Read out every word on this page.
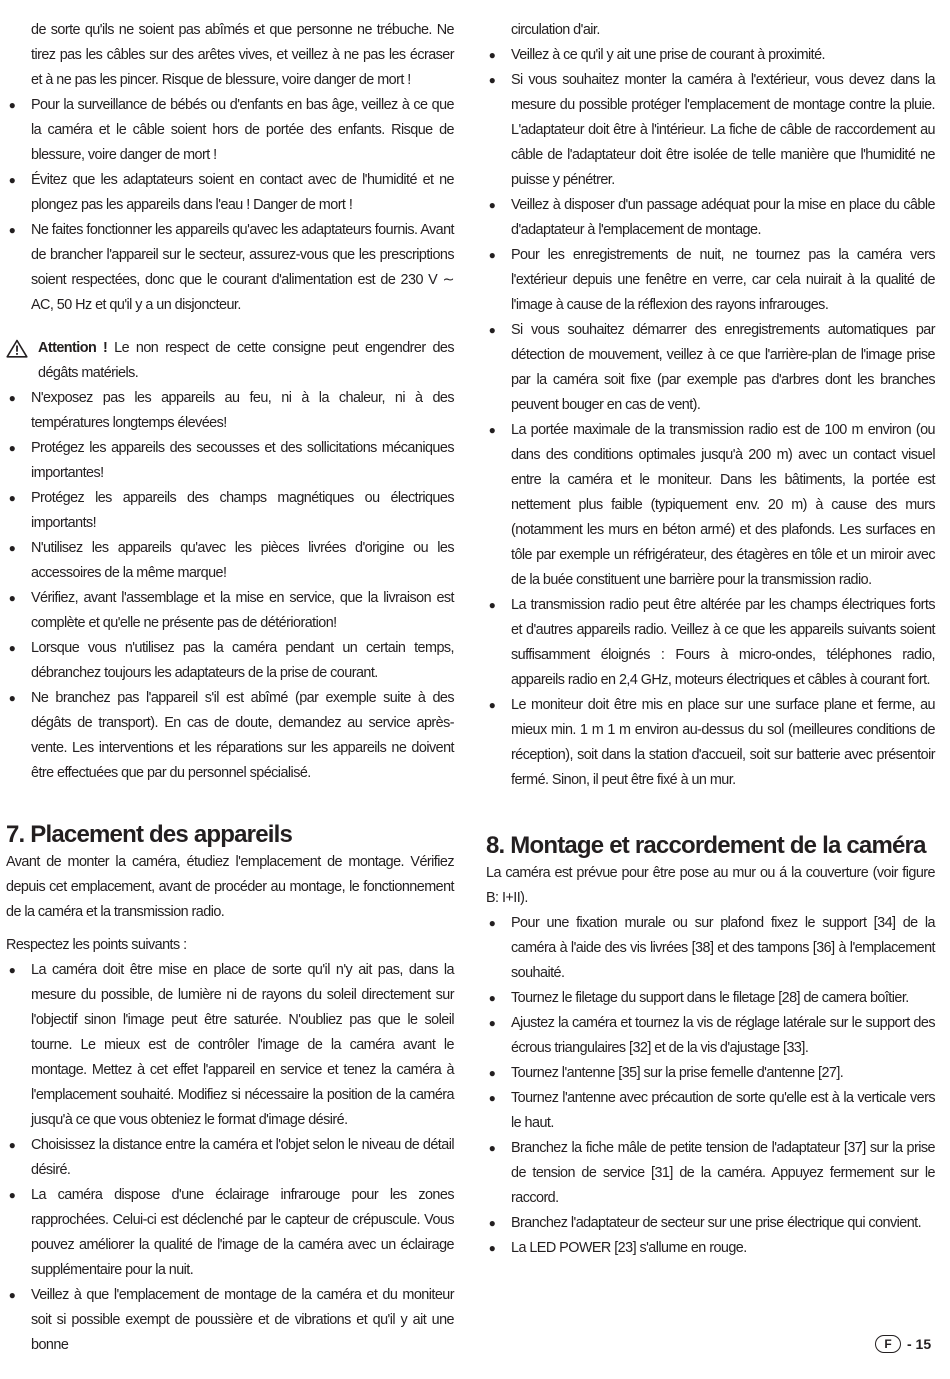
de sorte qu'ils ne soient pas abîmés et que personne ne trébuche. Ne tirez pas les câbles sur des arêtes vives, et veillez à ne pas les écraser et à ne pas les pincer. Risque de blessure, voire danger de mort !

● Pour la surveillance de bébés ou d'enfants en bas âge, veillez à ce que la caméra et le câble soient hors de portée des enfants. Risque de blessure, voire danger de mort !
● Évitez que les adaptateurs soient en contact avec de l'humidité et ne plongez pas les appareils dans l'eau ! Danger de mort !
● Ne faites fonctionner les appareils qu'avec les adaptateurs fournis. Avant de brancher l'appareil sur le secteur, assurez-vous que les prescriptions soient respectées, donc que le courant d'alimentation est de 230 V ∼ AC, 50 Hz et qu'il y a un disjoncteur.

Attention ! Le non respect de cette consigne peut engendrer des dégâts matériels.

● N'exposez pas les appareils au feu, ni à la chaleur, ni à des températures longtemps élevées!
● Protégez les appareils des secousses et des sollicitations mécaniques importantes!
● Protégez les appareils des champs magnétiques ou électriques importants!
● N'utilisez les appareils qu'avec les pièces livrées d'origine ou les accessoires de la même marque!
● Vérifiez, avant l'assemblage et la mise en service, que la livraison est complète et qu'elle ne présente pas de détérioration!
● Lorsque vous n'utilisez pas la caméra pendant un certain temps, débranchez toujours les adaptateurs de la prise de courant.
● Ne branchez pas l'appareil s'il est abîmé (par exemple suite à des dégâts de transport). En cas de doute, demandez au service après-vente. Les interventions et les réparations sur les appareils ne doivent être effectuées que par du personnel spécialisé.
7. Placement des appareils

Avant de monter la caméra, étudiez l'emplacement de montage. Vérifiez depuis cet emplacement, avant de procéder au montage, le fonctionnement de la caméra et la transmission radio.

Respectez les points suivants :

● La caméra doit être mise en place de sorte qu'il n'y ait pas, dans la mesure du possible, de lumière ni de rayons du soleil directement sur l'objectif sinon l'image peut être saturée. N'oubliez pas que le soleil tourne. Le mieux est de contrôler l'image de la caméra avant le montage. Mettez à cet effet l'appareil en service et tenez la caméra à l'emplacement souhaité. Modifiez si nécessaire la position de la caméra jusqu'à ce que vous obteniez le format d'image désiré.
● Choisissez la distance entre la caméra et l'objet selon le niveau de détail désiré.
● La caméra dispose d'une éclairage infrarouge pour les zones rapprochées. Celui-ci est déclenché par le capteur de crépuscule. Vous pouvez améliorer la qualité de l'image de la caméra avec un éclairage supplémentaire pour la nuit.
● Veillez à que l'emplacement de montage de la caméra et du moniteur soit si possible exempt de poussière et de vibrations et qu'il y ait une bonne

circulation d'air.

● Veillez à ce qu'il y ait une prise de courant à proximité.
● Si vous souhaitez monter la caméra à l'extérieur, vous devez dans la mesure du possible protéger l'emplacement de montage contre la pluie. L'adaptateur doit être à l'intérieur. La fiche de câble de raccordement au câble de l'adaptateur doit être isolée de telle manière que l'humidité ne puisse y pénétrer.
● Veillez à disposer d'un passage adéquat pour la mise en place du câble d'adaptateur à l'emplacement de montage.
● Pour les enregistrements de nuit, ne tournez pas la caméra vers l'extérieur depuis une fenêtre en verre, car cela nuirait à la qualité de l'image à cause de la réflexion des rayons infrarouges.
● Si vous souhaitez démarrer des enregistrements automatiques par détection de mouvement, veillez à ce que l'arrière-plan de l'image prise par la caméra soit fixe (par exemple pas d'arbres dont les branches peuvent bouger en cas de vent).
● La portée maximale de la transmission radio est de 100 m environ (ou dans des conditions optimales jusqu'à 200 m) avec un contact visuel entre la caméra et le moniteur. Dans les bâtiments, la portée est nettement plus faible (typiquement env. 20 m) à cause des murs (notamment les murs en béton armé) et des plafonds. Les surfaces en tôle par exemple un réfrigérateur, des étagères en tôle et un miroir avec de la buée constituent une barrière pour la transmission radio.
● La transmission radio peut être altérée par les champs électriques forts et d'autres appareils radio. Veillez à ce que les appareils suivants soient suffisamment éloignés : Fours à micro-ondes, téléphones radio, appareils radio en 2,4 GHz, moteurs électriques et câbles à courant fort.
● Le moniteur doit être mis en place sur une surface plane et ferme, au mieux min. 1 m 1 m environ au-dessus du sol (meilleures conditions de réception), soit dans la station d'accueil, soit sur batterie avec présentoir fermé. Sinon, il peut être fixé à un mur.
8. Montage et raccordement de la caméra

La caméra est prévue pour être pose au mur ou á la couverture (voir figure B: I+II).

● Pour une fixation murale ou sur plafond fixez le support [34] de la caméra à l'aide des vis livrées [38] et des tampons [36] à l'emplacement souhaité.
● Tournez le filetage du support dans le filetage [28] de camera boîtier.
● Ajustez la caméra et tournez la vis de réglage latérale sur le support des écrous triangulaires [32] et de la vis d'ajustage [33].
● Tournez l'antenne [35] sur la prise femelle d'antenne [27].
● Tournez l'antenne avec précaution de sorte qu'elle est à la verticale vers le haut.
● Branchez la fiche mâle de petite tension de l'adaptateur [37] sur la prise de tension de service [31] de la caméra. Appuyez fermement sur le raccord.
● Branchez l'adaptateur de secteur sur une prise électrique qui convient.
● La LED POWER [23] s'allume en rouge.
F	- 15
